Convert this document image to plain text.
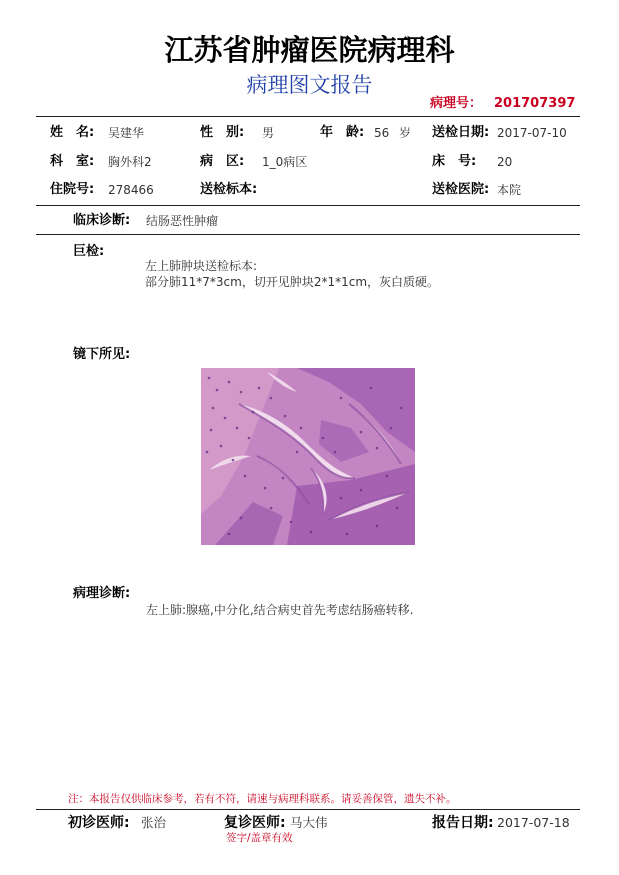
江苏省肿瘤医院病理科
病理图文报告
病理号： 201707397
姓　名: 吴建华	性　别: 男	年　龄: 56 岁 送检日期: 2017-07-10
科　室: 胸外科2	病　区: 1_0病区	床　号: 20
住院号: 278466	送检标本:	送检医院: 本院
临床诊断: 结肠恶性肿瘤
巨检:
左上肺肿块送检标本:
部分肺11*7*3cm，切开见肿块2*1*1cm，灰白质硬。
镜下所见:
病理诊断:
左上肺:腺癌,中分化,结合病史首先考虑结肠癌转移.
注：本报告仅供临床参考，若有不符，请速与病理科联系。请妥善保管，遗失不补。
初诊医师: 张治	复诊医师: 马大伟	报告日期: 2017-07-18
签字/盖章有效
